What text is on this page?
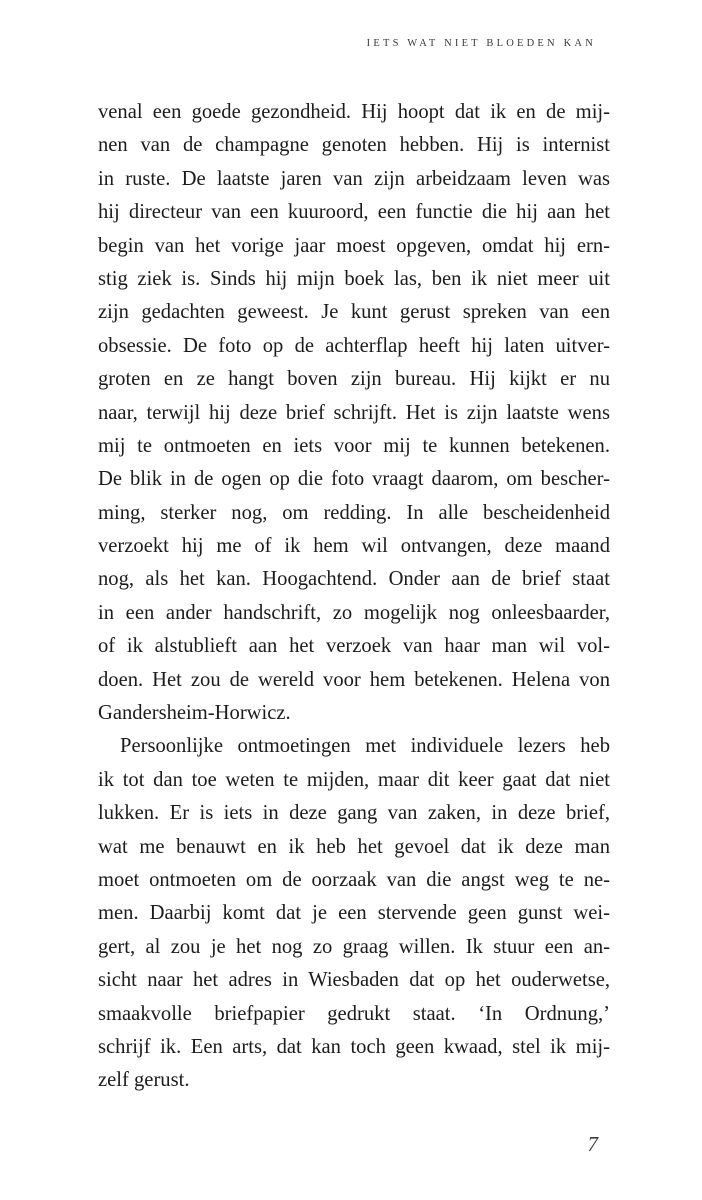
IETS WAT NIET BLOEDEN KAN
venal een goede gezondheid. Hij hoopt dat ik en de mij-
nen van de champagne genoten hebben. Hij is internist
in ruste. De laatste jaren van zijn arbeidzaam leven was
hij directeur van een kuuroord, een functie die hij aan het
begin van het vorige jaar moest opgeven, omdat hij ern-
stig ziek is. Sinds hij mijn boek las, ben ik niet meer uit
zijn gedachten geweest. Je kunt gerust spreken van een
obsessie. De foto op de achterflap heeft hij laten uitver-
groten en ze hangt boven zijn bureau. Hij kijkt er nu
naar, terwijl hij deze brief schrijft. Het is zijn laatste wens
mij te ontmoeten en iets voor mij te kunnen betekenen.
De blik in de ogen op die foto vraagt daarom, om bescher-
ming, sterker nog, om redding. In alle bescheidenheid
verzoekt hij me of ik hem wil ontvangen, deze maand
nog, als het kan. Hoogachtend. Onder aan de brief staat
in een ander handschrift, zo mogelijk nog onleesbaarder,
of ik alstublieft aan het verzoek van haar man wil vol-
doen. Het zou de wereld voor hem betekenen. Helena von
Gandersheim-Horwicz.
Persoonlijke ontmoetingen met individuele lezers heb
ik tot dan toe weten te mijden, maar dit keer gaat dat niet
lukken. Er is iets in deze gang van zaken, in deze brief,
wat me benauwt en ik heb het gevoel dat ik deze man
moet ontmoeten om de oorzaak van die angst weg te ne-
men. Daarbij komt dat je een stervende geen gunst wei-
gert, al zou je het nog zo graag willen. Ik stuur een an-
sicht naar het adres in Wiesbaden dat op het ouderwetse,
smaakvolle briefpapier gedrukt staat. ‘In Ordnung,’
schrijf ik. Een arts, dat kan toch geen kwaad, stel ik mij-
zelf gerust.
7
